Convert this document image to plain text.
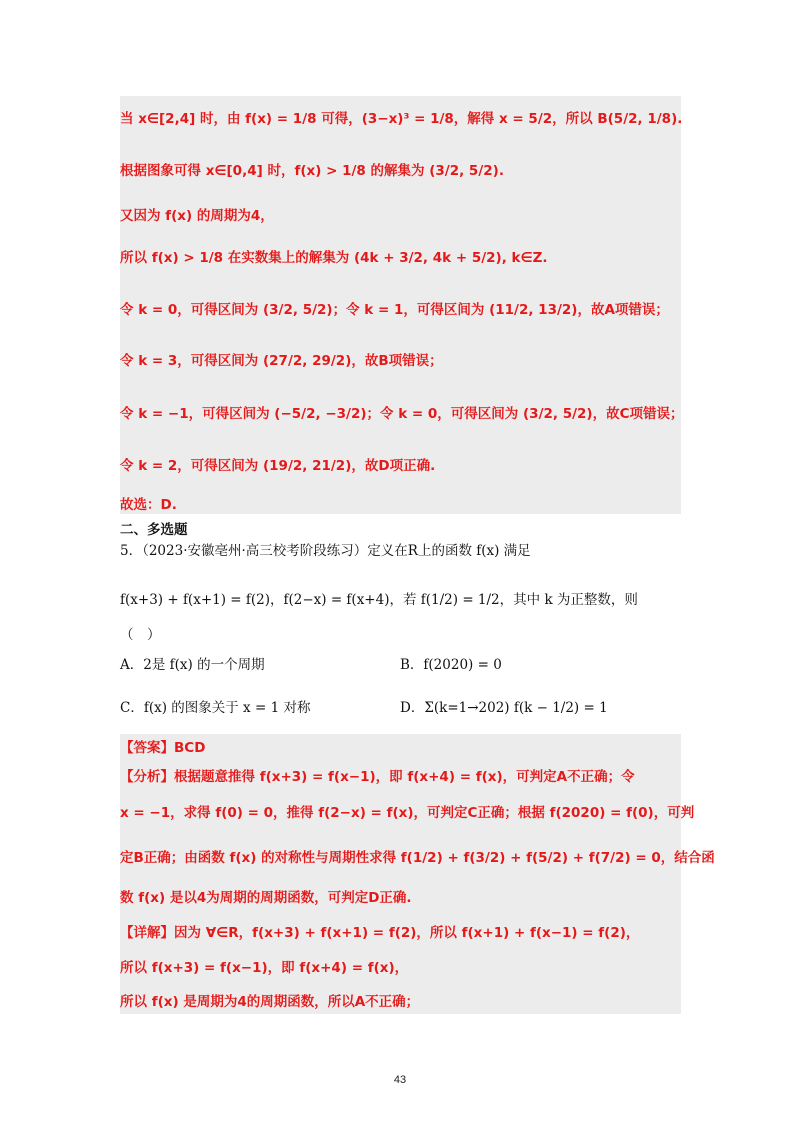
当 x∈[2,4] 时，由 f(x) = 1/8 可得，(3−x)³ = 1/8，解得 x = 5/2，所以 B(5/2, 1/8).
根据图象可得 x∈[0,4] 时，f(x) > 1/8 的解集为 (3/2, 5/2).
又因为 f(x) 的周期为4，
所以 f(x) > 1/8 在实数集上的解集为 (4k + 3/2, 4k + 5/2), k∈Z.
令 k = 0，可得区间为 (3/2, 5/2)；令 k = 1，可得区间为 (11/2, 13/2)，故A项错误；
令 k = 3，可得区间为 (27/2, 29/2)，故B项错误；
令 k = −1，可得区间为 (−5/2, −3/2)；令 k = 0，可得区间为 (3/2, 5/2)，故C项错误；
令 k = 2，可得区间为 (19/2, 21/2)，故D项正确.
故选：D.
二、多选题
5．（2023·安徽亳州·高三校考阶段练习）定义在R上的函数 f(x) 满足
f(x+3) + f(x+1) = f(2)，f(2−x) = f(x+4)，若 f(1/2) = 1/2，其中 k 为正整数，则
（　）
A．2是 f(x) 的一个周期	B．f(2020) = 0
C．f(x) 的图象关于 x = 1 对称	D．Σ(k=1→202) f(k − 1/2) = 1
【答案】BCD
【分析】根据题意推得 f(x+3) = f(x−1)，即 f(x+4) = f(x)，可判定A不正确；令
x = −1，求得 f(0) = 0，推得 f(2−x) = f(x)，可判定C正确；根据 f(2020) = f(0)，可判
定B正确；由函数 f(x) 的对称性与周期性求得 f(1/2) + f(3/2) + f(5/2) + f(7/2) = 0，结合函
数 f(x) 是以4为周期的周期函数，可判定D正确.
【详解】因为 ∀∈R，f(x+3) + f(x+1) = f(2)，所以 f(x+1) + f(x−1) = f(2)，
所以 f(x+3) = f(x−1)，即 f(x+4) = f(x)，
所以 f(x) 是周期为4的周期函数，所以A不正确；
43
